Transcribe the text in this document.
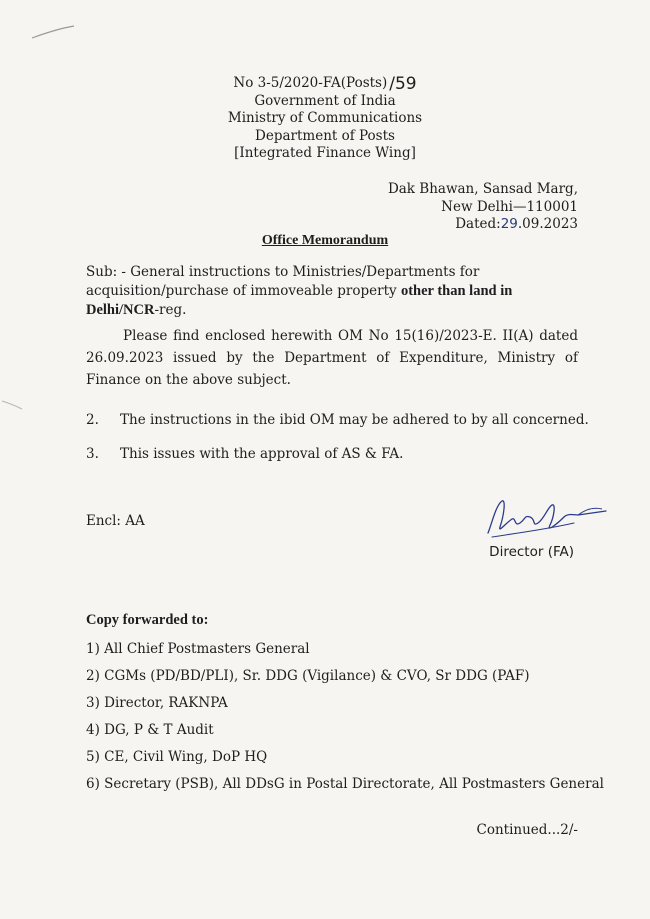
No 3-5/2020-FA(Posts) /59
Government of India
Ministry of Communications
Department of Posts
[Integrated Finance Wing]
Dak Bhawan, Sansad Marg,
New Delhi—110001
Dated:29.09.2023
Office Memorandum
Sub: - General instructions to Ministries/Departments for acquisition/purchase of immoveable property other than land in Delhi/NCR-reg.
Please find enclosed herewith OM No 15(16)/2023-E. II(A) dated 26.09.2023 issued by the Department of Expenditure, Ministry of Finance on the above subject.
2. The instructions in the ibid OM may be adhered to by all concerned.
3. This issues with the approval of AS & FA.
Encl: AA
Director (FA)
Copy forwarded to:
1) All Chief Postmasters General
2) CGMs (PD/BD/PLI), Sr. DDG (Vigilance) & CVO, Sr DDG (PAF)
3) Director, RAKNPA
4) DG, P & T Audit
5) CE, Civil Wing, DoP HQ
6) Secretary (PSB), All DDsG in Postal Directorate, All Postmasters General
Continued...2/-
